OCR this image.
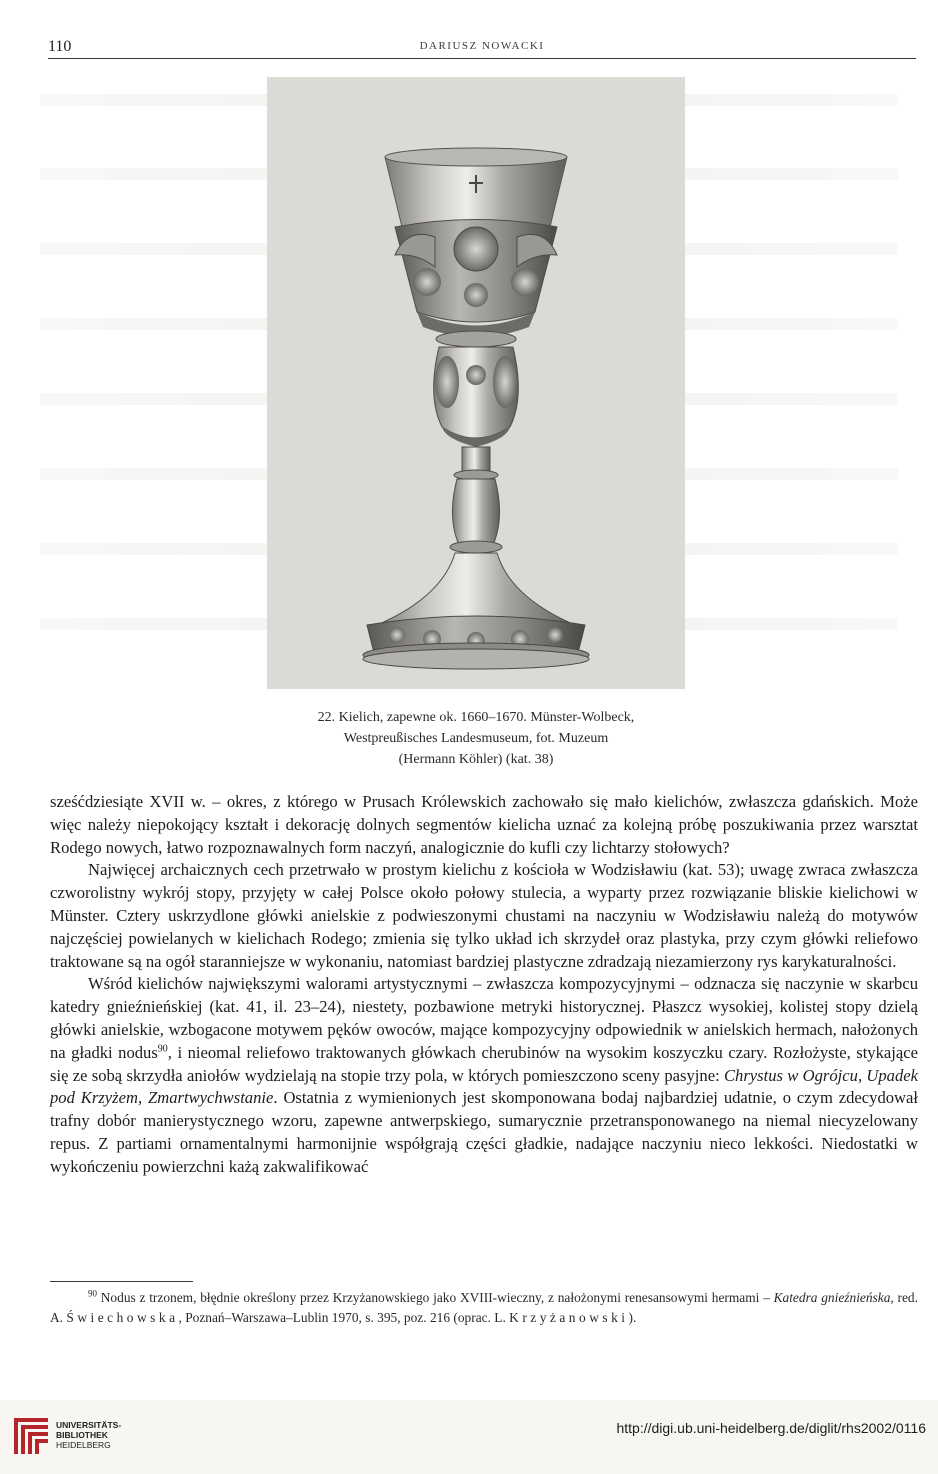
110	DARIUSZ NOWACKI
22. Kielich, zapewne ok. 1660–1670. Münster-Wolbeck,
Westpreußisches Landesmuseum, fot. Muzeum
(Hermann Köhler) (kat. 38)

sześćdziesiąte XVII w. – okres, z którego w Prusach Królewskich zachowało się mało kielichów, zwłaszcza gdańskich. Może więc należy niepokojący kształt i dekorację dolnych segmentów kielicha uznać za kolejną próbę poszukiwania przez warsztat Rodego nowych, łatwo rozpoznawalnych form naczyń, analogicznie do kufli czy lichtarzy stołowych?

Najwięcej archaicznych cech przetrwało w prostym kielichu z kościoła w Wodzisławiu (kat. 53); uwagę zwraca zwłaszcza czworolistny wykrój stopy, przyjęty w całej Polsce około połowy stulecia, a wyparty przez rozwiązanie bliskie kielichowi w Münster. Cztery uskrzydlone główki anielskie z podwieszonymi chustami na naczyniu w Wodzisławiu należą do motywów najczęściej powielanych w kielichach Rodego; zmienia się tylko układ ich skrzydeł oraz plastyka, przy czym główki reliefowo traktowane są na ogół staranniejsze w wykonaniu, natomiast bardziej plastyczne zdradzają niezamierzony rys karykaturalności.

Wśród kielichów największymi walorami artystycznymi – zwłaszcza kompozycyjnymi – odznacza się naczynie w skarbcu katedry gnieźnieńskiej (kat. 41, il. 23–24), niestety, pozbawione metryki historycznej. Płaszcz wysokiej, kolistej stopy dzielą główki anielskie, wzbogacone motywem pęków owoców, mające kompozycyjny odpowiednik w anielskich hermach, nałożonych na gładki nodus$^{90}$, i nieomal reliefowo traktowanych główkach cherubinów na wysokim koszyczku czary. Rozłożyste, stykające się ze sobą skrzydła aniołów wydzielają na stopie trzy pola, w których pomieszczono sceny pasyjne: Chrystus w Ogrójcu, Upadek pod Krzyżem, Zmartwychwstanie. Ostatnia z wymienionych jest skomponowana bodaj najbardziej udatnie, o czym zdecydował trafny dobór manierystycznego wzoru, zapewne antwerpskiego, sumarycznie przetransponowanego na niemal niecyzelowany repus. Z partiami ornamentalnymi harmonijnie współgrają części gładkie, nadające naczyniu nieco lekkości. Niedostatki w wykończeniu powierzchni każą zakwalifikować

$^{90}$ Nodus z trzonem, błędnie określony przez Krzyżanowskiego jako XVIII-wieczny, z nałożonymi renesansowymi hermami – Katedra gnieźnieńska, red. A. Świechowska, Poznań–Warszawa–Lublin 1970, s. 395, poz. 216 (oprac. L. Krzyżanowski).

UNIVERSITÄTS-
BIBLIOTHEK
HEIDELBERG
http://digi.ub.uni-heidelberg.de/diglit/rhs2002/0116
